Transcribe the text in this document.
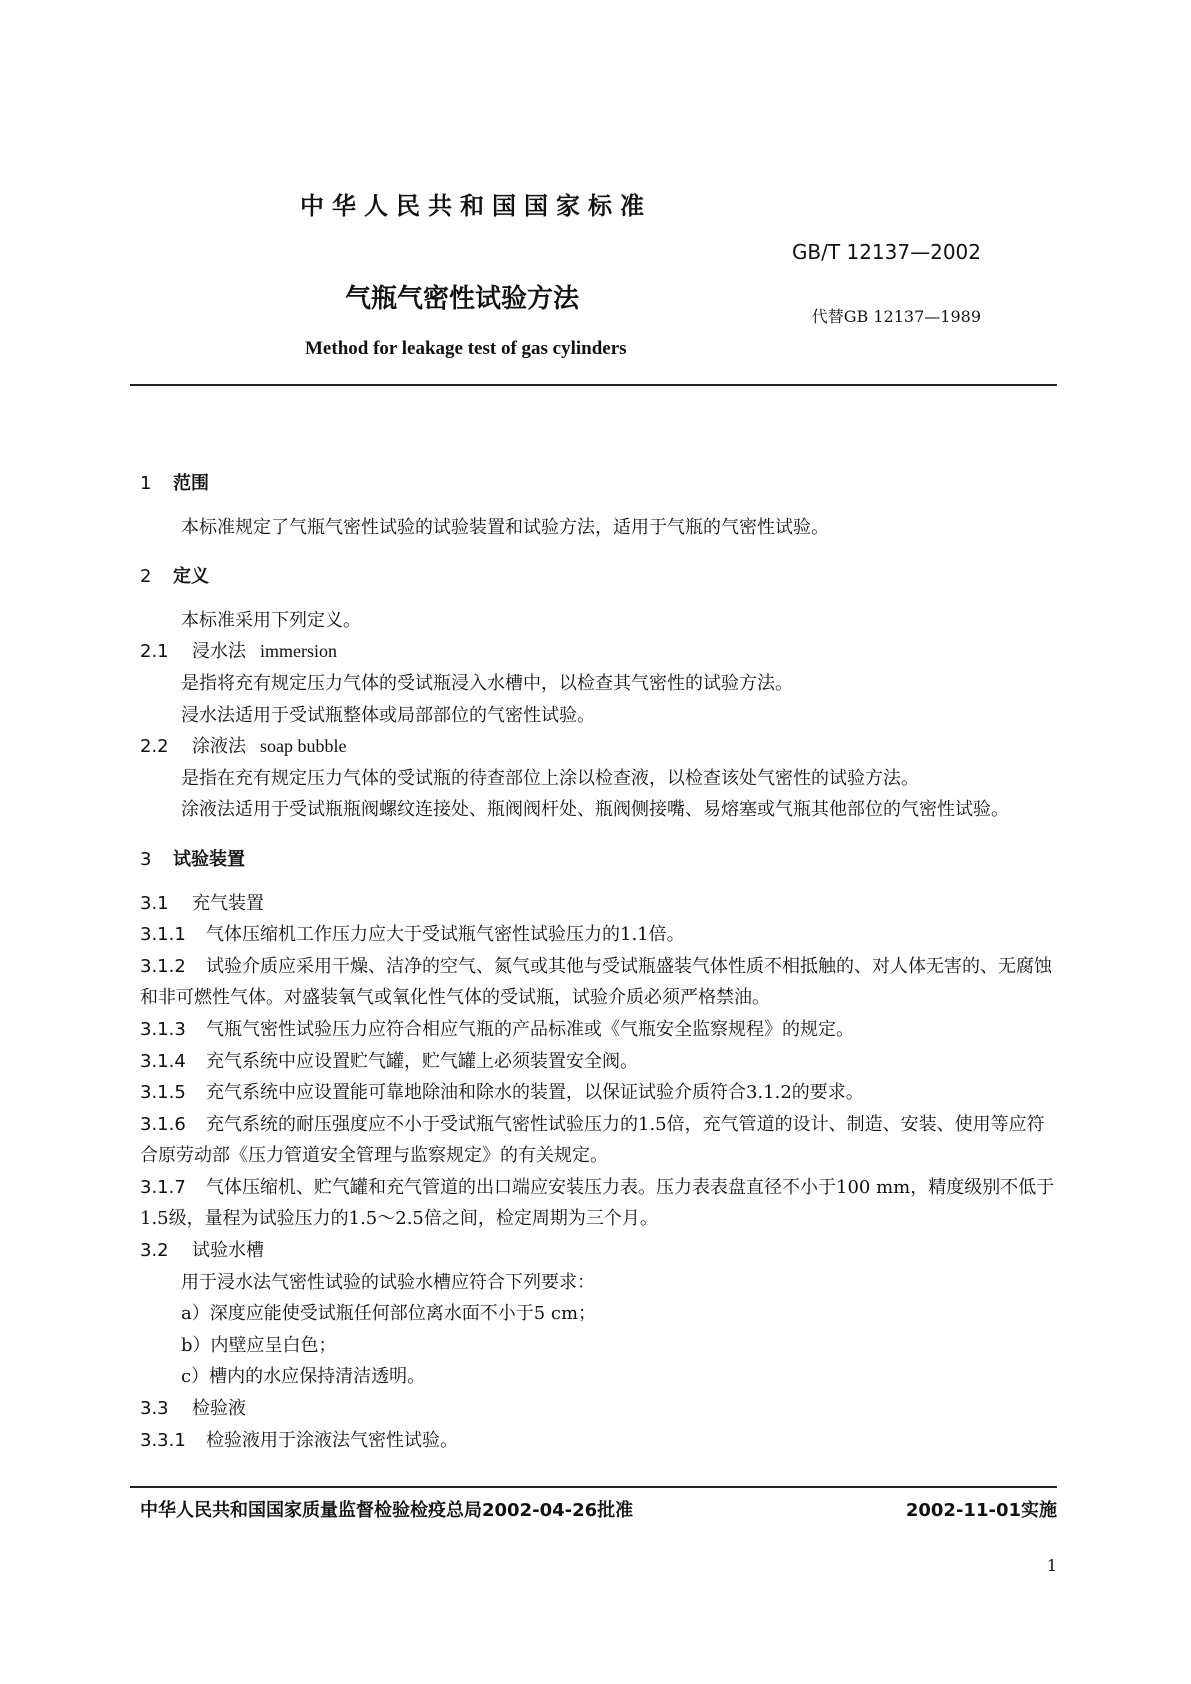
中华人民共和国国家标准
GB/T 12137—2002
气瓶气密性试验方法
代替GB 12137—1989
Method for leakage test of gas cylinders

1 范围

本标准规定了气瓶气密性试验的试验装置和试验方法，适用于气瓶的气密性试验。

2 定义

本标准采用下列定义。

2.1 浸水法 immersion

是指将充有规定压力气体的受试瓶浸入水槽中，以检查其气密性的试验方法。

浸水法适用于受试瓶整体或局部部位的气密性试验。

2.2 涂液法 soap bubble

是指在充有规定压力气体的受试瓶的待查部位上涂以检查液，以检查该处气密性的试验方法。

涂液法适用于受试瓶瓶阀螺纹连接处、瓶阀阀杆处、瓶阀侧接嘴、易熔塞或气瓶其他部位的气密性试验。

3 试验装置

3.1 充气装置

3.1.1 气体压缩机工作压力应大于受试瓶气密性试验压力的1.1倍。

3.1.2 试验介质应采用干燥、洁净的空气、氮气或其他与受试瓶盛装气体性质不相抵触的、对人体无害的、无腐蚀和非可燃性气体。对盛装氧气或氧化性气体的受试瓶，试验介质必须严格禁油。

3.1.3 气瓶气密性试验压力应符合相应气瓶的产品标准或《气瓶安全监察规程》的规定。

3.1.4 充气系统中应设置贮气罐，贮气罐上必须装置安全阀。

3.1.5 充气系统中应设置能可靠地除油和除水的装置，以保证试验介质符合3.1.2的要求。

3.1.6 充气系统的耐压强度应不小于受试瓶气密性试验压力的1.5倍，充气管道的设计、制造、安装、使用等应符合原劳动部《压力管道安全管理与监察规定》的有关规定。

3.1.7 气体压缩机、贮气罐和充气管道的出口端应安装压力表。压力表表盘直径不小于100 mm，精度级别不低于1.5级，量程为试验压力的1.5～2.5倍之间，检定周期为三个月。

3.2 试验水槽

用于浸水法气密性试验的试验水槽应符合下列要求：

a）深度应能使受试瓶任何部位离水面不小于5 cm；

b）内壁应呈白色；

c）槽内的水应保持清洁透明。

3.3 检验液

3.3.1 检验液用于涂液法气密性试验。

中华人民共和国国家质量监督检验检疫总局2002-04-26批准	2002-11-01实施
1
